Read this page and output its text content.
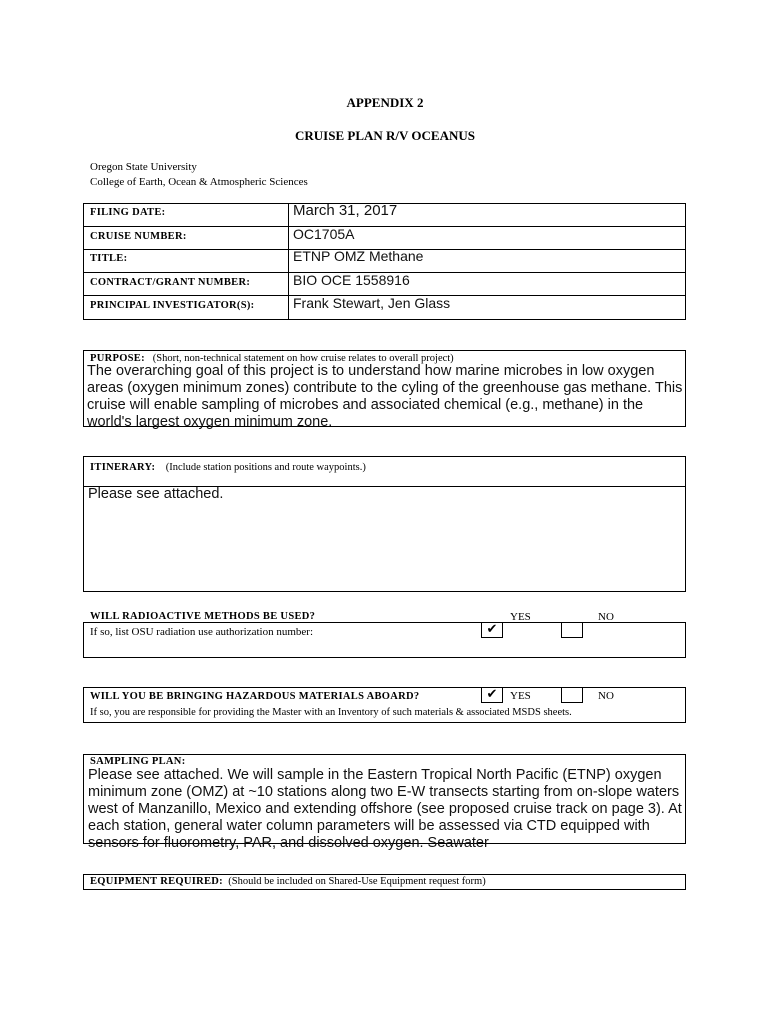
APPENDIX 2
CRUISE PLAN R/V OCEANUS
Oregon State University
College of Earth, Ocean & Atmospheric Sciences
FILING DATE:	March 31, 2017
CRUISE NUMBER:	OC1705A
TITLE:	ETNP OMZ Methane
CONTRACT/GRANT NUMBER:	BIO OCE 1558916
PRINCIPAL INVESTIGATOR(S):	Frank Stewart, Jen Glass
PURPOSE: (Short, non-technical statement on how cruise relates to overall project)
The overarching goal of this project is to understand how marine microbes in low oxygen areas (oxygen minimum zones) contribute to the cyling of the greenhouse gas methane. This cruise will enable sampling of microbes and associated chemical (e.g., methane) in the world's largest oxygen minimum zone.
ITINERARY: (Include station positions and route waypoints.)
Please see attached.
WILL RADIOACTIVE METHODS BE USED?	YES	NO
If so, list OSU radiation use authorization number:	✔
WILL YOU BE BRINGING HAZARDOUS MATERIALS ABOARD?	✔	YES	NO
If so, you are responsible for providing the Master with an Inventory of such materials & associated MSDS sheets.
SAMPLING PLAN:
Please see attached. We will sample in the Eastern Tropical North Pacific (ETNP) oxygen minimum zone (OMZ) at ~10 stations along two E-W transects starting from on-slope waters west of Manzanillo, Mexico and extending offshore (see proposed cruise track on page 3). At each station, general water column parameters will be assessed via CTD equipped with sensors for fluorometry, PAR, and dissolved oxygen. Seawater
EQUIPMENT REQUIRED: (Should be included on Shared-Use Equipment request form)
